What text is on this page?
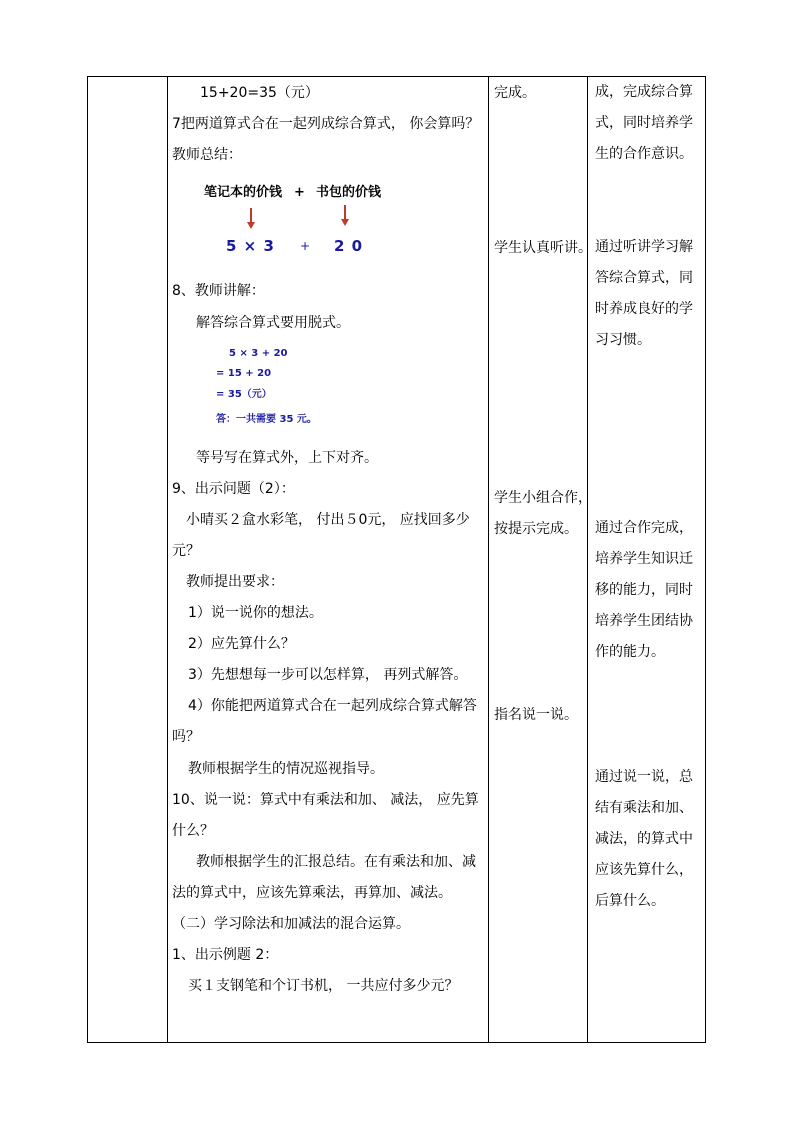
15+20=35（元）
7把两道算式合在一起列成综合算式， 你会算吗？
教师总结：
笔记本的价钱 + 书包的价钱
5 × 3 + 2 0
8、教师讲解：
解答综合算式要用脱式。
5 × 3 + 20
= 15 + 20
= 35（元）
答：一共需要 35 元。
等号写在算式外，上下对齐。
9、出示问题（2）：
小晴买２盒水彩笔， 付出５0元， 应找回多少
元？
教师提出要求：
1）说一说你的想法。
2）应先算什么？
3）先想想每一步可以怎样算， 再列式解答。
4）你能把两道算式合在一起列成综合算式解答
吗？
教师根据学生的情况巡视指导。
10、说一说：算式中有乘法和加、 减法， 应先算
什么？
教师根据学生的汇报总结。在有乘法和加、减
法的算式中，应该先算乘法，再算加、减法。
（二）学习除法和加减法的混合运算。
1、出示例题 2：
买１支钢笔和个订书机， 一共应付多少元？
完成。
学生认真听讲。
学生小组合作，
按提示完成。
指名说一说。
成，完成综合算
式，同时培养学
生的合作意识。
通过听讲学习解
答综合算式，同
时养成良好的学
习习惯。
通过合作完成，
培养学生知识迁
移的能力，同时
培养学生团结协
作的能力。
通过说一说，总
结有乘法和加、
减法，的算式中
应该先算什么，
后算什么。
